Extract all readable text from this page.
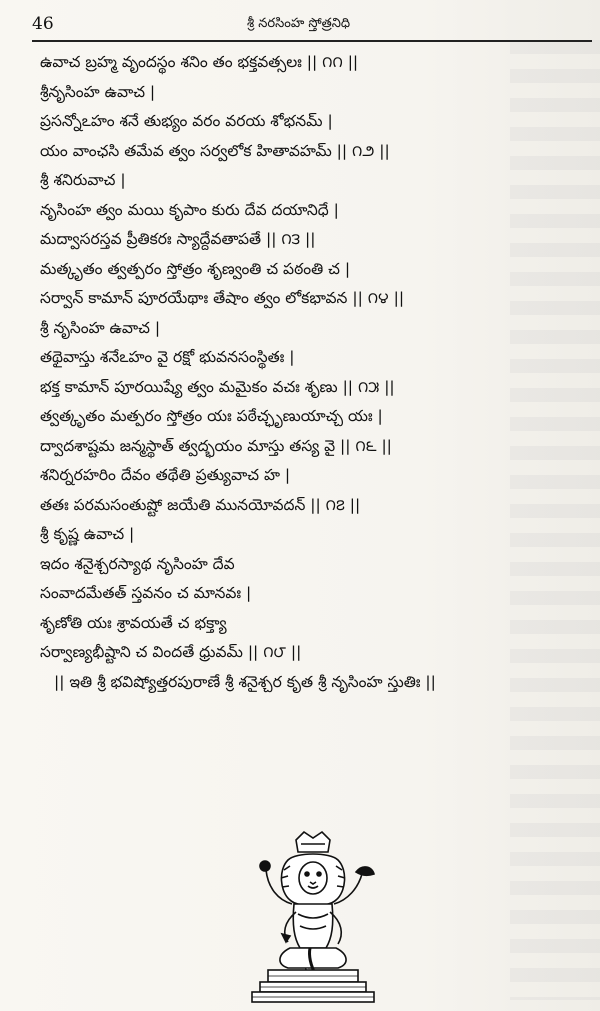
46	శ్రీ నరసింహ స్తోత్రనిధి
ఉవాచ బ్రహ్మ వృందస్థం శనిం తం భక్తవత్సలః || ౧౧ ||
శ్రీనృసింహ ఉవాచ |
ప్రసన్నోఽహం శనే తుభ్యం వరం వరయ శోభనమ్ |
యం వాంఛసి తమేవ త్వం సర్వలోక హితావహమ్ || ౧౨ ||
శ్రీ శనిరువాచ |
నృసింహ త్వం మయి కృపాం కురు దేవ దయానిధే |
మద్వాసరస్తవ ప్రీతికరః స్యాద్దేవతాపతే || ౧౩ ||
మత్కృతం త్వత్పరం స్తోత్రం శృణ్వంతి చ పఠంతి చ |
సర్వాన్ కామాన్ పూరయేథాః తేషాం త్వం లోకభావన || ౧౪ ||
శ్రీ నృసింహ ఉవాచ |
తథైవాస్తు శనేఽహం వై రక్షో భువనసంస్థితః |
భక్త కామాన్ పూరయిష్యే త్వం మమైకం వచః శృణు || ౧౫ ||
త్వత్కృతం మత్పరం స్తోత్రం యః పఠేచ్ఛృణుయాచ్చ యః |
ద్వాదశాష్టమ జన్మస్థాత్ త్వద్భయం మాస్తు తస్య వై || ౧౬ ||
శనిర్నరహరిం దేవం తథేతి ప్రత్యువాచ హ |
తతః పరమసంతుష్టో జయేతి మునయోవదన్ || ౧౭ ||
శ్రీ కృష్ణ ఉవాచ |
ఇదం శనైశ్చరస్యాథ నృసింహ దేవ
సంవాదమేతత్ స్తవనం చ మానవః |
శృణోతి యః శ్రావయతే చ భక్త్యా
సర్వాణ్యభీష్టాని చ విందతే ధ్రువమ్ || ౧౮ ||
|| ఇతి శ్రీ భవిష్యోత్తరపురాణే శ్రీ శనైశ్చర కృత శ్రీ నృసింహ స్తుతిః ||
